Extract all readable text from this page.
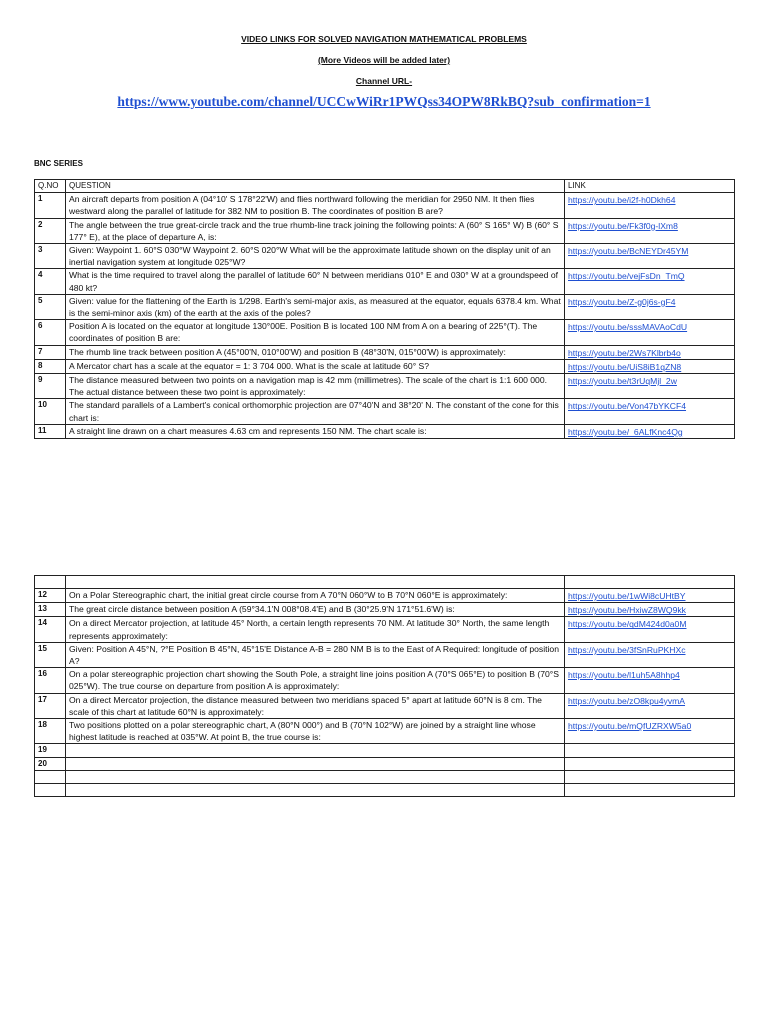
VIDEO LINKS FOR SOLVED NAVIGATION MATHEMATICAL PROBLEMS
(More Videos will be added later)
Channel URL-
https://www.youtube.com/channel/UCCwWiRr1PWQss34OPW8RkBQ?sub_confirmation=1
BNC SERIES
Q.NO	QUESTION	LINK
1	An aircraft departs from position A (04°10' S 178°22'W) and flies northward following the meridian for 2950 NM. It then flies westward along the parallel of latitude for 382 NM to position B. The coordinates of position B are?	https://youtu.be/i2f-h0Dkh64
2	The angle between the true great-circle track and the true rhumb-line track joining the following points: A (60° S 165° W) B (60° S 177° E), at the place of departure A, is:	https://youtu.be/Fk3f0g-lXm8
3	Given: Waypoint 1. 60°S 030°W Waypoint 2. 60°S 020°W What will be the approximate latitude shown on the display unit of an inertial navigation system at longitude 025°W?	https://youtu.be/BcNEYDr45YM
4	What is the time required to travel along the parallel of latitude 60° N between meridians 010° E and 030° W at a groundspeed of 480 kt?	https://youtu.be/vejFsDn_TmQ
5	Given: value for the flattening of the Earth is 1/298. Earth's semi-major axis, as measured at the equator, equals 6378.4 km. What is the semi-minor axis (km) of the earth at the axis of the poles?	https://youtu.be/Z-g0j6s-gF4
6	Position A is located on the equator at longitude 130°00E. Position B is located 100 NM from A on a bearing of 225°(T). The coordinates of position B are:	https://youtu.be/sssMAVAoCdU
7	The rhumb line track between position A (45°00'N, 010°00'W) and position B (48°30'N, 015°00'W) is approximately:	https://youtu.be/2Ws7Klbrb4o
8	A Mercator chart has a scale at the equator = 1: 3 704 000. What is the scale at latitude 60° S?	https://youtu.be/UiS8iB1qZN8
9	The distance measured between two points on a navigation map is 42 mm (millimetres). The scale of the chart is 1:1 600 000. The actual distance between these two point is approximately:	https://youtu.be/t3rUqMjl_2w
10	The standard parallels of a Lambert's conical orthomorphic projection are 07°40'N and 38°20' N. The constant of the cone for this chart is:	https://youtu.be/Von47bYKCF4
11	A straight line drawn on a chart measures 4.63 cm and represents 150 NM. The chart scale is:	https://youtu.be/_6ALfKnc4Qg

12	On a Polar Stereographic chart, the initial great circle course from A 70°N 060°W to B 70°N 060°E is approximately:	https://youtu.be/1wWi8cUHtBY
13	The great circle distance between position A (59°34.1'N 008°08.4'E) and B (30°25.9'N 171°51.6'W) is:	https://youtu.be/HxiwZ8WQ9kk
14	On a direct Mercator projection, at latitude 45° North, a certain length represents 70 NM. At latitude 30° North, the same length represents approximately:	https://youtu.be/qdM424d0a0M
15	Given: Position A 45°N, ?°E Position B 45°N, 45°15'E Distance A-B = 280 NM B is to the East of A Required: longitude of position A?	https://youtu.be/3fSnRuPKHXc
16	On a polar stereographic projection chart showing the South Pole, a straight line joins position A (70°S 065°E) to position B (70°S 025°W). The true course on departure from position A is approximately:	https://youtu.be/l1uh5A8hhp4
17	On a direct Mercator projection, the distance measured between two meridians spaced 5° apart at latitude 60°N is 8 cm. The scale of this chart at latitude 60°N is approximately:	https://youtu.be/zO8kpu4yvmA
18	Two positions plotted on a polar stereographic chart, A (80°N 000°) and B (70°N 102°W) are joined by a straight line whose highest latitude is reached at 035°W. At point B, the true course is:	https://youtu.be/mQfUZRXW5a0
19		
20		
